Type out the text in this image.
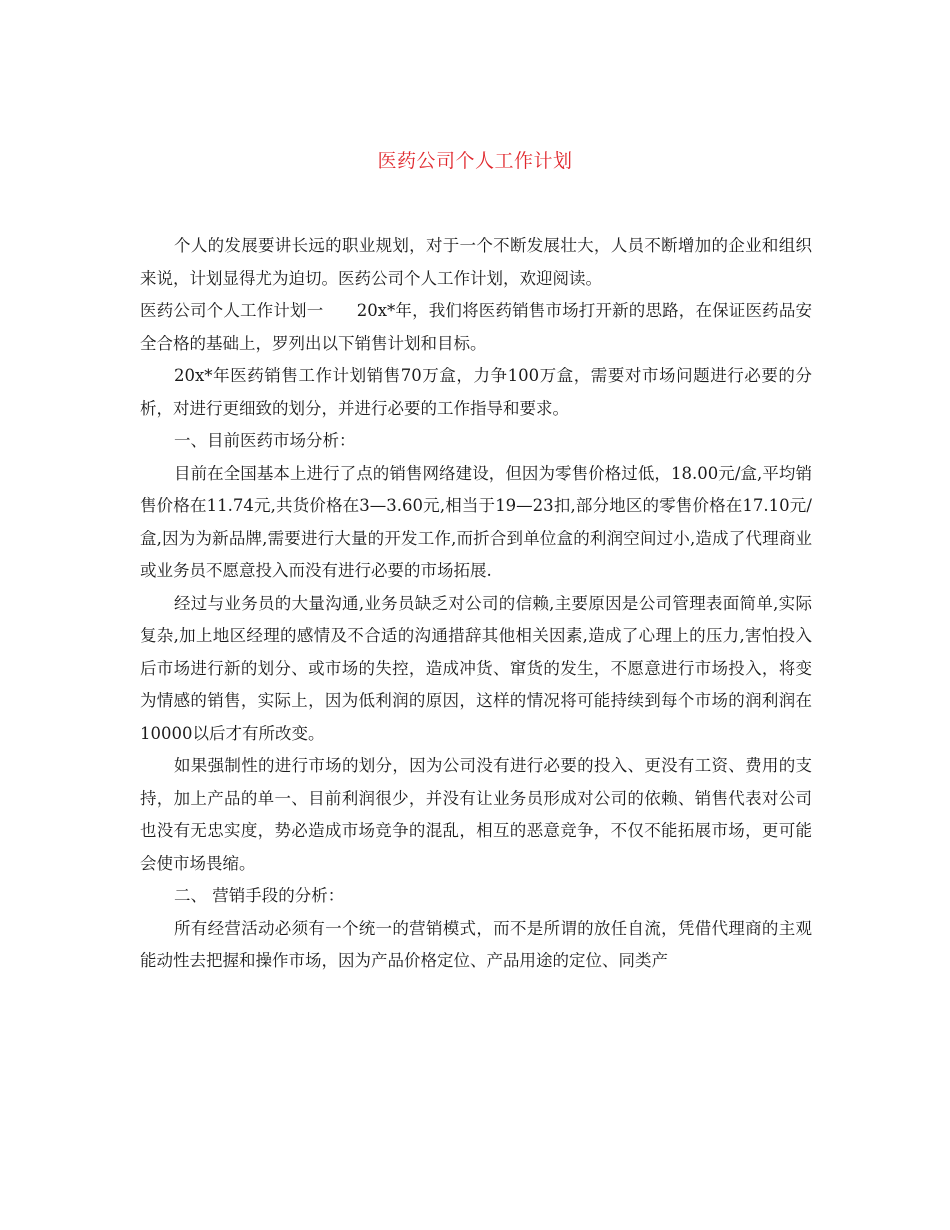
医药公司个人工作计划

个人的发展要讲长远的职业规划，对于一个不断发展壮大，人员不断增加的企业和组织来说，计划显得尤为迫切。医药公司个人工作计划，欢迎阅读。

医药公司个人工作计划一　　20x*年，我们将医药销售市场打开新的思路，在保证医药品安全合格的基础上，罗列出以下销售计划和目标。

20x*年医药销售工作计划销售70万盒，力争100万盒，需要对市场问题进行必要的分析，对进行更细致的划分，并进行必要的工作指导和要求。

一、目前医药市场分析：

目前在全国基本上进行了点的销售网络建设，但因为零售价格过低，18.00元/盒,平均销售价格在11.74元,共货价格在3—3.60元,相当于19—23扣,部分地区的零售价格在17.10元/盒,因为为新品牌,需要进行大量的开发工作,而折合到单位盒的利润空间过小,造成了代理商业或业务员不愿意投入而没有进行必要的市场拓展.

经过与业务员的大量沟通,业务员缺乏对公司的信赖,主要原因是公司管理表面简单,实际复杂,加上地区经理的感情及不合适的沟通措辞其他相关因素,造成了心理上的压力,害怕投入后市场进行新的划分、或市场的失控，造成冲货、窜货的发生，不愿意进行市场投入，将变为情感的销售，实际上，因为低利润的原因，这样的情况将可能持续到每个市场的润利润在10000以后才有所改变。

如果强制性的进行市场的划分，因为公司没有进行必要的投入、更没有工资、费用的支持，加上产品的单一、目前利润很少，并没有让业务员形成对公司的依赖、销售代表对公司也没有无忠实度，势必造成市场竞争的混乱，相互的恶意竞争，不仅不能拓展市场，更可能会使市场畏缩。

二、 营销手段的分析：

所有经营活动必须有一个统一的营销模式，而不是所谓的放任自流，凭借代理商的主观能动性去把握和操作市场，因为产品价格定位、产品用途的定位、同类产
